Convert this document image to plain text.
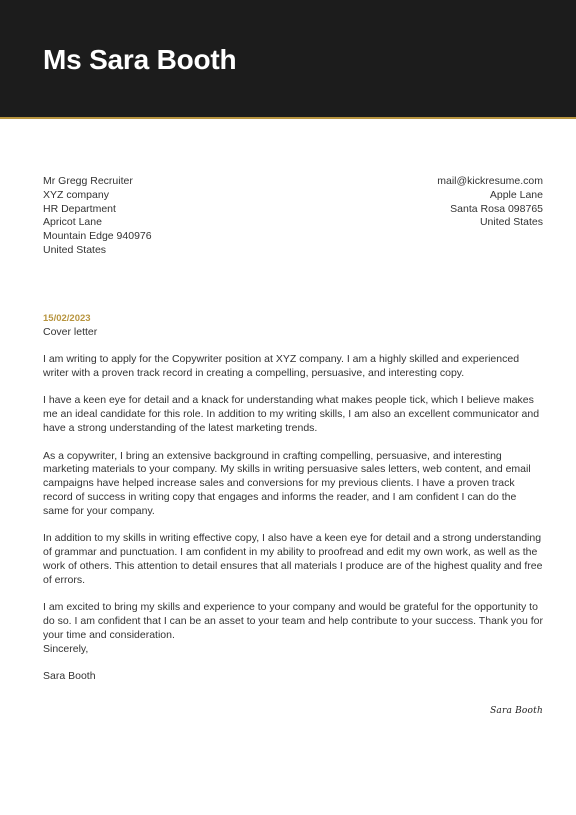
Ms Sara Booth
Mr Gregg Recruiter
XYZ company
HR Department
Apricot Lane
Mountain Edge 940976
United States
mail@kickresume.com
Apple Lane
Santa Rosa 098765
United States
15/02/2023
Cover letter

I am writing to apply for the Copywriter position at XYZ company. I am a highly skilled and experienced writer with a proven track record in creating a compelling, persuasive, and interesting copy.

I have a keen eye for detail and a knack for understanding what makes people tick, which I believe makes me an ideal candidate for this role. In addition to my writing skills, I am also an excellent communicator and have a strong understanding of the latest marketing trends.

As a copywriter, I bring an extensive background in crafting compelling, persuasive, and interesting marketing materials to your company. My skills in writing persuasive sales letters, web content, and email campaigns have helped increase sales and conversions for my previous clients. I have a proven track record of success in writing copy that engages and informs the reader, and I am confident I can do the same for your company.

In addition to my skills in writing effective copy, I also have a keen eye for detail and a strong understanding of grammar and punctuation. I am confident in my ability to proofread and edit my own work, as well as the work of others. This attention to detail ensures that all materials I produce are of the highest quality and free of errors.

I am excited to bring my skills and experience to your company and would be grateful for the opportunity to do so. I am confident that I can be an asset to your team and help contribute to your success. Thank you for your time and consideration.

Sincerely,
Sara Booth
Sara Booth
